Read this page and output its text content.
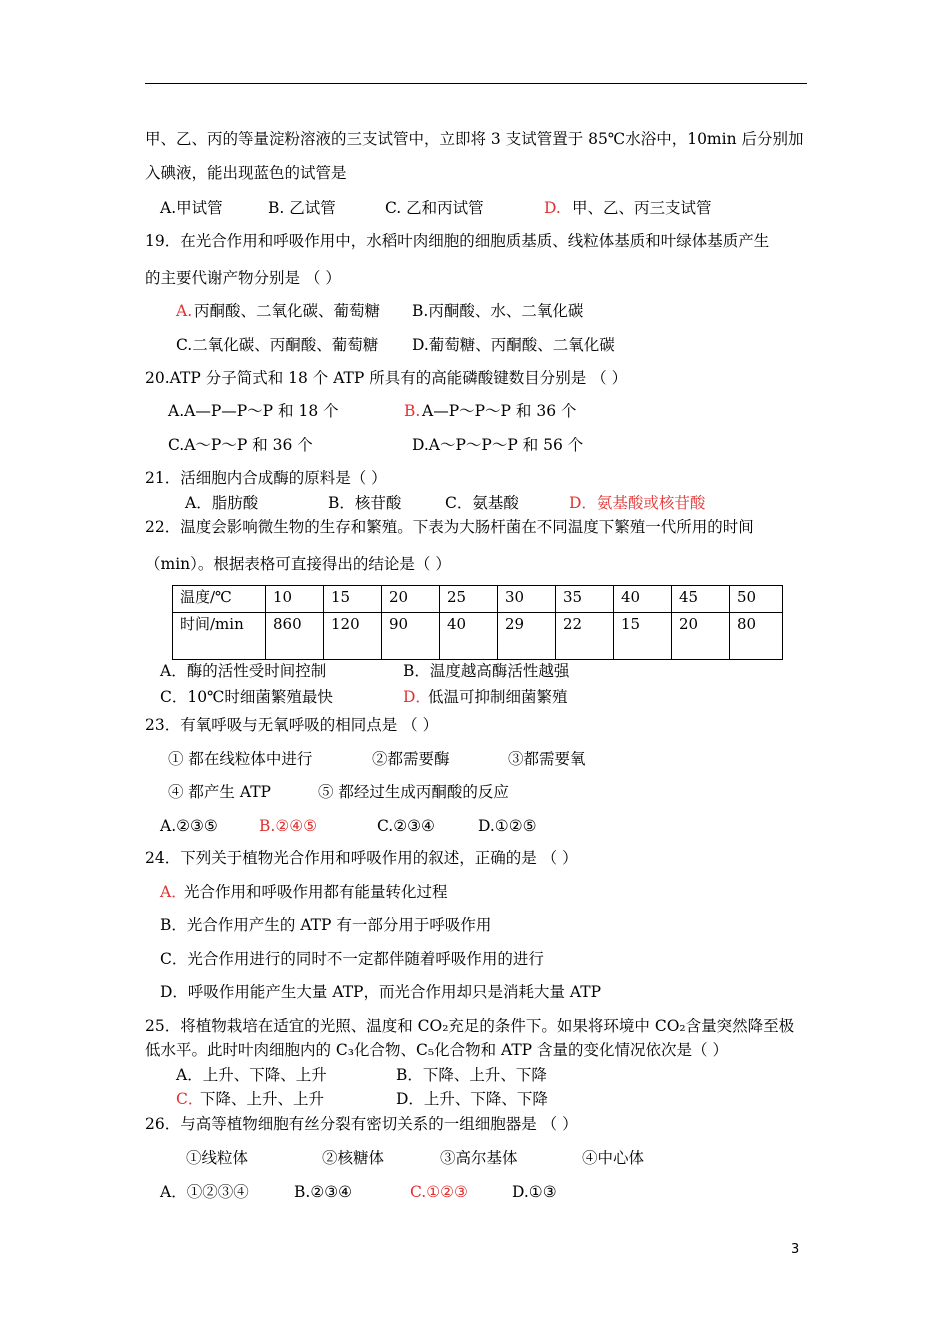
甲、乙、丙的等量淀粉溶液的三支试管中，立即将 3 支试管置于 85℃水浴中，10min 后分别加
入碘液，能出现蓝色的试管是
A.甲试管	B. 乙试管	C. 乙和丙试管	D. 甲、乙、丙三支试管
19．在光合作用和呼吸作用中，水稻叶肉细胞的细胞质基质、线粒体基质和叶绿体基质产生
的主要代谢产物分别是 （ ）
A. 丙酮酸、二氧化碳、葡萄糖 B.丙酮酸、水、二氧化碳
C.二氧化碳、丙酮酸、葡萄糖 D.葡萄糖、丙酮酸、二氧化碳
20.ATP 分子简式和 18 个 ATP 所具有的高能磷酸键数目分别是 （ ）
A.A—P—P～P 和 18 个	B. A—P～P～P 和 36 个
C.A～P～P 和 36 个	D.A～P～P～P 和 56 个
21．活细胞内合成酶的原料是（ ）
A．脂肪酸	B．核苷酸	C．氨基酸	D．氨基酸或核苷酸
22．温度会影响微生物的生存和繁殖。下表为大肠杆菌在不同温度下繁殖一代所用的时间
（min）。根据表格可直接得出的结论是（ ）
温度/℃	10	15	20	25	30	35	40	45	50
时间/min	860	120	90	40	29	22	15	20	80
A．酶的活性受时间控制	B．温度越高酶活性越强
C．10℃时细菌繁殖最快	D．
低温可抑制细菌繁殖
23．有氧呼吸与无氧呼吸的相同点是 （ ）
① 都在线粒体中进行	②都需要酶	③都需要氧
④ 都产生 ATP	⑤ 都经过生成丙酮酸的反应
A.②③⑤	B.②④⑤	C.②③④	D.①②⑤
24．下列关于植物光合作用和呼吸作用的叙述，正确的是 （ ）
A．
光合作用和呼吸作用都有能量转化过程
B．光合作用产生的 ATP 有一部分用于呼吸作用
C．光合作用进行的同时不一定都伴随着呼吸作用的进行
D．呼吸作用能产生大量 ATP，而光合作用却只是消耗大量 ATP
25．将植物栽培在适宜的光照、温度和 CO₂充足的条件下。如果将环境中 CO₂含量突然降至极
低水平。此时叶肉细胞内的 C₃化合物、C₅化合物和 ATP 含量的变化情况依次是（ ）
A．上升、下降、上升	B．下降、上升、下降
C．
下降、上升、上升	D．上升、下降、下降
26．与高等植物细胞有丝分裂有密切关系的一组细胞器是 （ ）
①线粒体	②核糖体	③高尔基体	④中心体
A．①②③④	B.②③④	C.①②③	D.①③
3
